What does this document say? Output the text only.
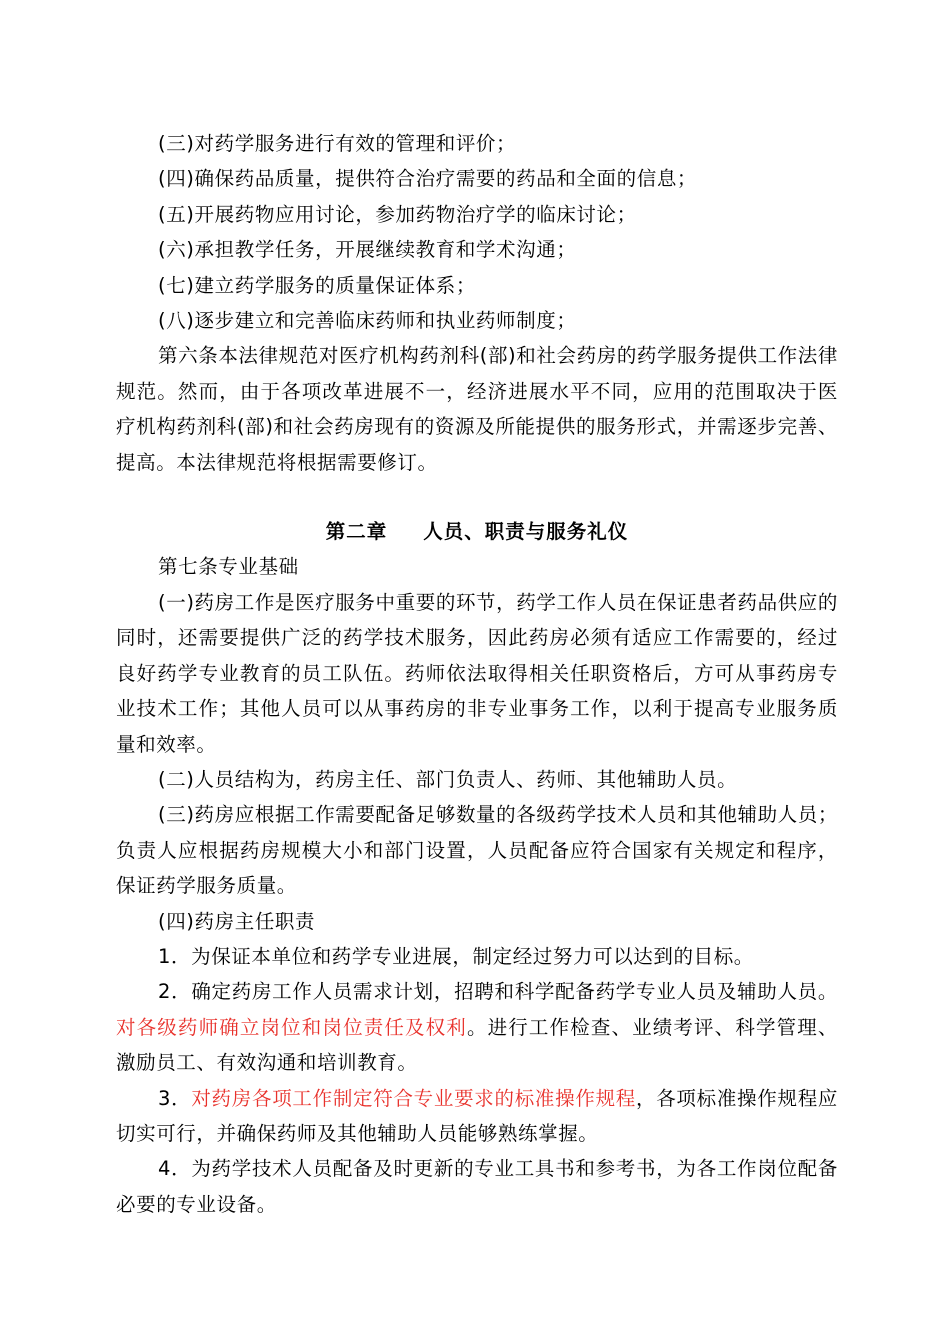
(三)对药学服务进行有效的管理和评价；

(四)确保药品质量，提供符合治疗需要的药品和全面的信息；

(五)开展药物应用讨论，参加药物治疗学的临床讨论；

(六)承担教学任务，开展继续教育和学术沟通；

(七)建立药学服务的质量保证体系；

(八)逐步建立和完善临床药师和执业药师制度；

第六条本法律规范对医疗机构药剂科(部)和社会药房的药学服务提供工作法律规范。然而，由于各项改革进展不一，经济进展水平不同，应用的范围取决于医疗机构药剂科(部)和社会药房现有的资源及所能提供的服务形式，并需逐步完善、提高。本法律规范将根据需要修订。

第二章 人员、职责与服务礼仪

第七条专业基础

(一)药房工作是医疗服务中重要的环节，药学工作人员在保证患者药品供应的同时，还需要提供广泛的药学技术服务，因此药房必须有适应工作需要的，经过良好药学专业教育的员工队伍。药师依法取得相关任职资格后，方可从事药房专业技术工作；其他人员可以从事药房的非专业事务工作，以利于提高专业服务质量和效率。

(二)人员结构为，药房主任、部门负责人、药师、其他辅助人员。

(三)药房应根据工作需要配备足够数量的各级药学技术人员和其他辅助人员；负责人应根据药房规模大小和部门设置，人员配备应符合国家有关规定和程序，保证药学服务质量。

(四)药房主任职责

1．为保证本单位和药学专业进展，制定经过努力可以达到的目标。

2．确定药房工作人员需求计划，招聘和科学配备药学专业人员及辅助人员。对各级药师确立岗位和岗位责任及权利。进行工作检查、业绩考评、科学管理、激励员工、有效沟通和培训教育。

3．对药房各项工作制定符合专业要求的标准操作规程，各项标准操作规程应切实可行，并确保药师及其他辅助人员能够熟练掌握。

4．为药学技术人员配备及时更新的专业工具书和参考书，为各工作岗位配备必要的专业设备。
